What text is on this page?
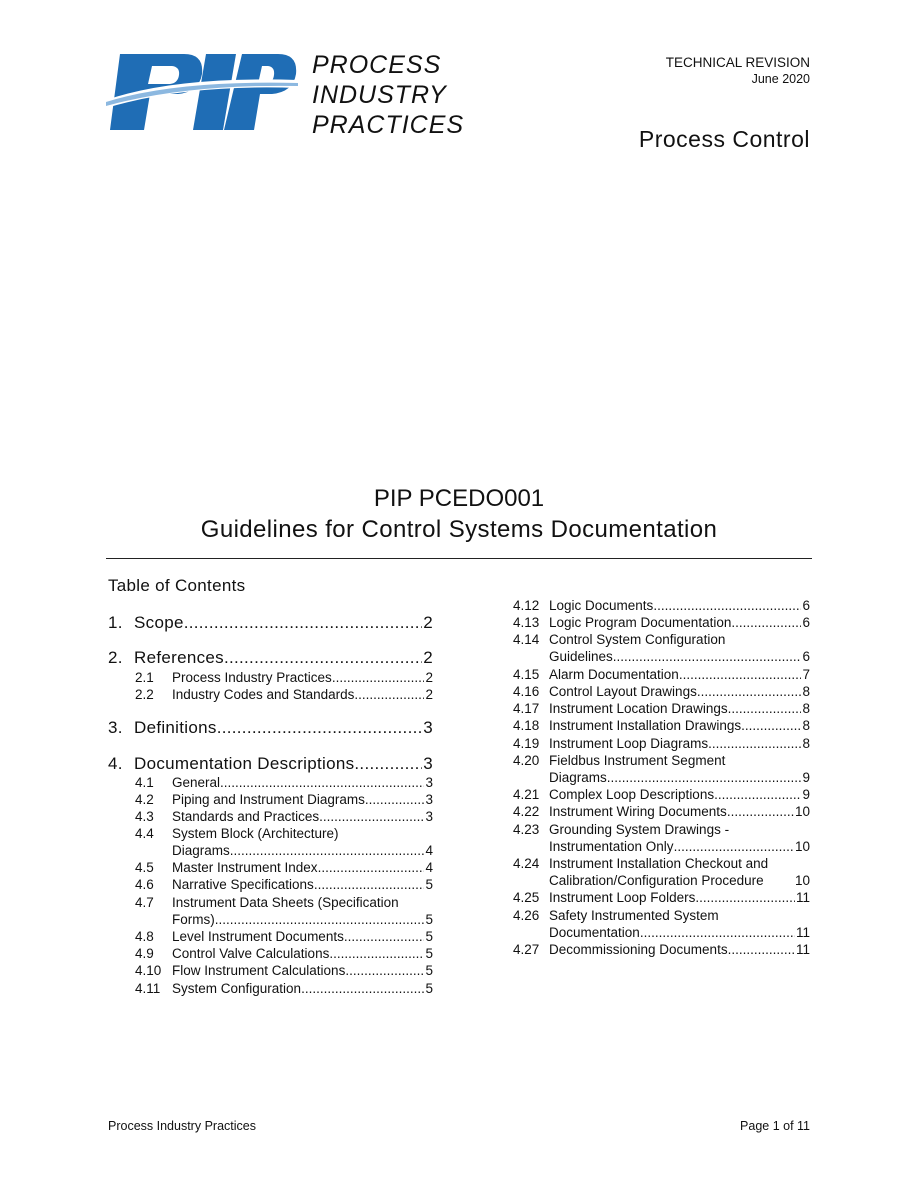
PROCESS
INDUSTRY
PRACTICES
TECHNICAL REVISION
June 2020
Process Control
PIP PCEDO001
Guidelines for Control Systems Documentation
Table of Contents
1. Scope .....	2
2. References .....	2
2.1	Process Industry Practices .....	2
2.2	Industry Codes and Standards .....	2
3. Definitions .....	3
4. Documentation Descriptions .....	3
4.1	General .....	3
4.2	Piping and Instrument Diagrams .....	3
4.3	Standards and Practices .....	3
4.4 System Block (Architecture)
Diagrams .....	4
4.5	Master Instrument Index .....	4
4.6	Narrative Specifications .....	5
4.7 Instrument Data Sheets (Specification
Forms) .....	5
4.8	Level Instrument Documents .....	5
4.9	Control Valve Calculations .....	5
4.10 Flow Instrument Calculations .....	5
4.11 System Configuration .....	5
4.12 Logic Documents .....	6
4.13 Logic Program Documentation .....	6
4.14 Control System Configuration
Guidelines .....	6
4.15 Alarm Documentation .....	7
4.16 Control Layout Drawings .....	8
4.17 Instrument Location Drawings .....	8
4.18 Instrument Installation Drawings .....	8
4.19 Instrument Loop Diagrams .....	8
4.20 Fieldbus Instrument Segment
Diagrams .....	9
4.21 Complex Loop Descriptions .....	9
4.22 Instrument Wiring Documents .....	10
4.23 Grounding System Drawings -
Instrumentation Only .....	10
4.24 Instrument Installation Checkout and
Calibration/Configuration Procedure 10
4.25 Instrument Loop Folders .....	11
4.26 Safety Instrumented System
Documentation .....	11
4.27 Decommissioning Documents .....	11
Process Industry Practices	Page 1 of 11
